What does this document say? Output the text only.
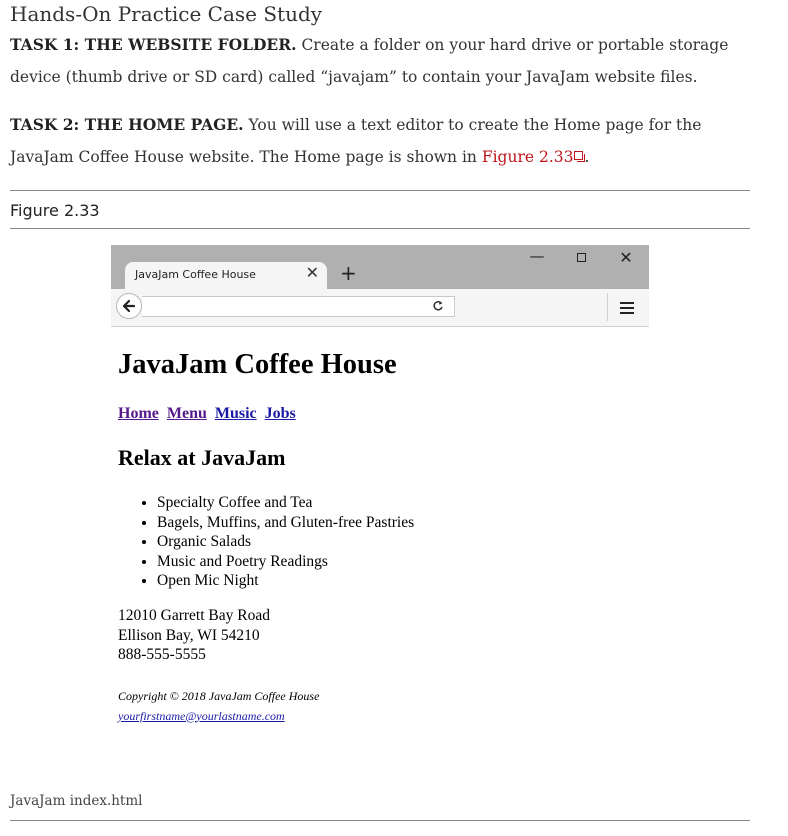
Hands-On Practice Case Study
TASK 1: THE WEBSITE FOLDER. Create a folder on your hard drive or portable storage device (thumb drive or SD card) called “javajam” to contain your JavaJam website files.
TASK 2: THE HOME PAGE. You will use a text editor to create the Home page for the JavaJam Coffee House website. The Home page is shown in Figure 2.33 .
Figure 2.33
JavaJam Coffee House	✕ +
—	✕
JavaJam Coffee House
Home Menu Music Jobs
Relax at JavaJam
• Specialty Coffee and Tea
• Bagels, Muffins, and Gluten-free Pastries
• Organic Salads
• Music and Poetry Readings
• Open Mic Night
12010 Garrett Bay Road
Ellison Bay, WI 54210
888-555-5555
Copyright © 2018 JavaJam Coffee House
yourfirstname@yourlastname.com
JavaJam index.html
